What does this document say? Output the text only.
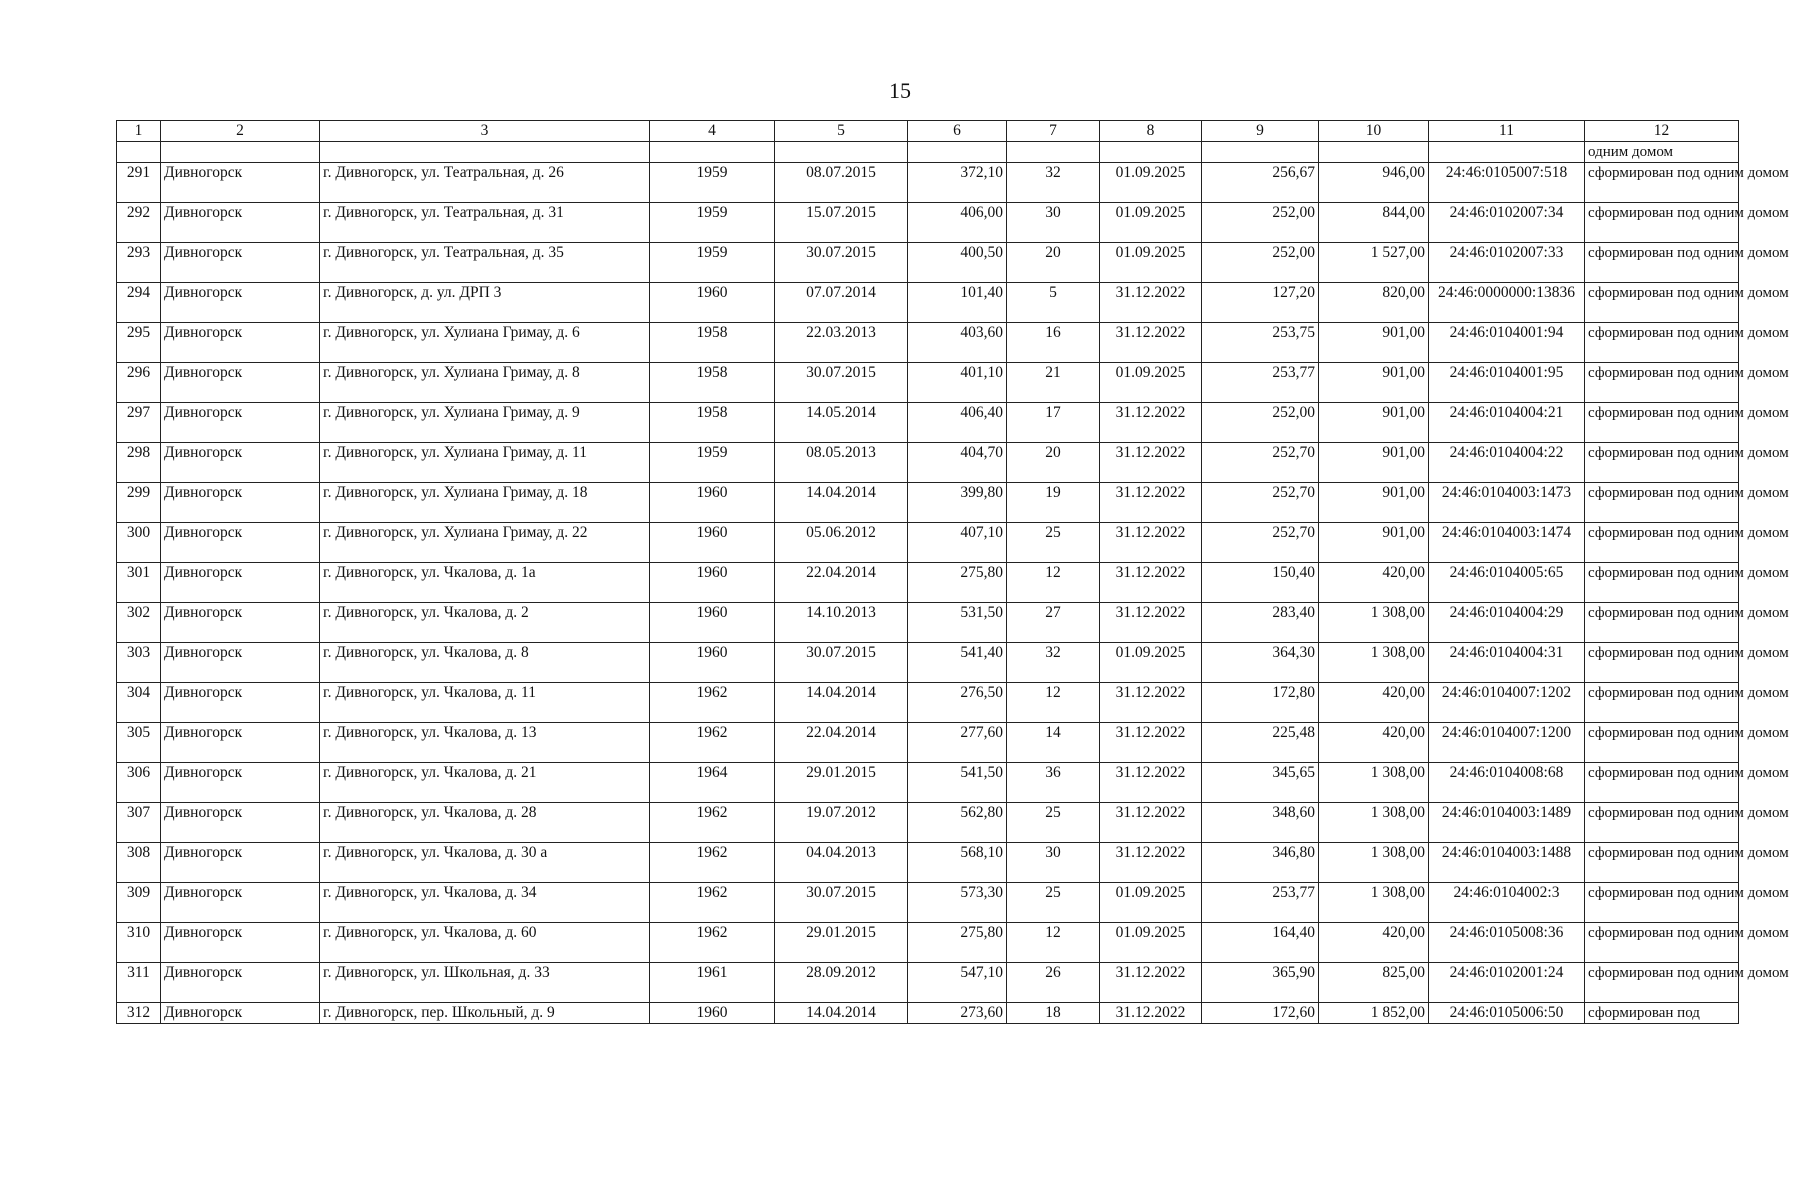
15
1	2	3	4	5	6	7	8	9	10	11	12
											одним домом
291	Дивногорск	г. Дивногорск, ул. Театральная, д. 26	1959	08.07.2015	372,10	32	01.09.2025	256,67	946,00	24:46:0105007:518	сформирован под одним домом
292	Дивногорск	г. Дивногорск, ул. Театральная, д. 31	1959	15.07.2015	406,00	30	01.09.2025	252,00	844,00	24:46:0102007:34	сформирован под одним домом
293	Дивногорск	г. Дивногорск, ул. Театральная, д. 35	1959	30.07.2015	400,50	20	01.09.2025	252,00	1 527,00	24:46:0102007:33	сформирован под одним домом
294	Дивногорск	г. Дивногорск, д. ул. ДРП 3	1960	07.07.2014	101,40	5	31.12.2022	127,20	820,00	24:46:0000000:13836	сформирован под одним домом
295	Дивногорск	г. Дивногорск, ул. Хулиана Гримау, д. 6	1958	22.03.2013	403,60	16	31.12.2022	253,75	901,00	24:46:0104001:94	сформирован под одним домом
296	Дивногорск	г. Дивногорск, ул. Хулиана Гримау, д. 8	1958	30.07.2015	401,10	21	01.09.2025	253,77	901,00	24:46:0104001:95	сформирован под одним домом
297	Дивногорск	г. Дивногорск, ул. Хулиана Гримау, д. 9	1958	14.05.2014	406,40	17	31.12.2022	252,00	901,00	24:46:0104004:21	сформирован под одним домом
298	Дивногорск	г. Дивногорск, ул. Хулиана Гримау, д. 11	1959	08.05.2013	404,70	20	31.12.2022	252,70	901,00	24:46:0104004:22	сформирован под одним домом
299	Дивногорск	г. Дивногорск, ул. Хулиана Гримау, д. 18	1960	14.04.2014	399,80	19	31.12.2022	252,70	901,00	24:46:0104003:1473	сформирован под одним домом
300	Дивногорск	г. Дивногорск, ул. Хулиана Гримау, д. 22	1960	05.06.2012	407,10	25	31.12.2022	252,70	901,00	24:46:0104003:1474	сформирован под одним домом
301	Дивногорск	г. Дивногорск, ул. Чкалова, д. 1а	1960	22.04.2014	275,80	12	31.12.2022	150,40	420,00	24:46:0104005:65	сформирован под одним домом
302	Дивногорск	г. Дивногорск, ул. Чкалова, д. 2	1960	14.10.2013	531,50	27	31.12.2022	283,40	1 308,00	24:46:0104004:29	сформирован под одним домом
303	Дивногорск	г. Дивногорск, ул. Чкалова, д. 8	1960	30.07.2015	541,40	32	01.09.2025	364,30	1 308,00	24:46:0104004:31	сформирован под одним домом
304	Дивногорск	г. Дивногорск, ул. Чкалова, д. 11	1962	14.04.2014	276,50	12	31.12.2022	172,80	420,00	24:46:0104007:1202	сформирован под одним домом
305	Дивногорск	г. Дивногорск, ул. Чкалова, д. 13	1962	22.04.2014	277,60	14	31.12.2022	225,48	420,00	24:46:0104007:1200	сформирован под одним домом
306	Дивногорск	г. Дивногорск, ул. Чкалова, д. 21	1964	29.01.2015	541,50	36	31.12.2022	345,65	1 308,00	24:46:0104008:68	сформирован под одним домом
307	Дивногорск	г. Дивногорск, ул. Чкалова, д. 28	1962	19.07.2012	562,80	25	31.12.2022	348,60	1 308,00	24:46:0104003:1489	сформирован под одним домом
308	Дивногорск	г. Дивногорск, ул. Чкалова, д. 30 а	1962	04.04.2013	568,10	30	31.12.2022	346,80	1 308,00	24:46:0104003:1488	сформирован под одним домом
309	Дивногорск	г. Дивногорск, ул. Чкалова, д. 34	1962	30.07.2015	573,30	25	01.09.2025	253,77	1 308,00	24:46:0104002:3	сформирован под одним домом
310	Дивногорск	г. Дивногорск, ул. Чкалова, д. 60	1962	29.01.2015	275,80	12	01.09.2025	164,40	420,00	24:46:0105008:36	сформирован под одним домом
311	Дивногорск	г. Дивногорск, ул. Школьная, д. 33	1961	28.09.2012	547,10	26	31.12.2022	365,90	825,00	24:46:0102001:24	сформирован под одним домом
312	Дивногорск	г. Дивногорск, пер. Школьный, д. 9	1960	14.04.2014	273,60	18	31.12.2022	172,60	1 852,00	24:46:0105006:50	сформирован под
